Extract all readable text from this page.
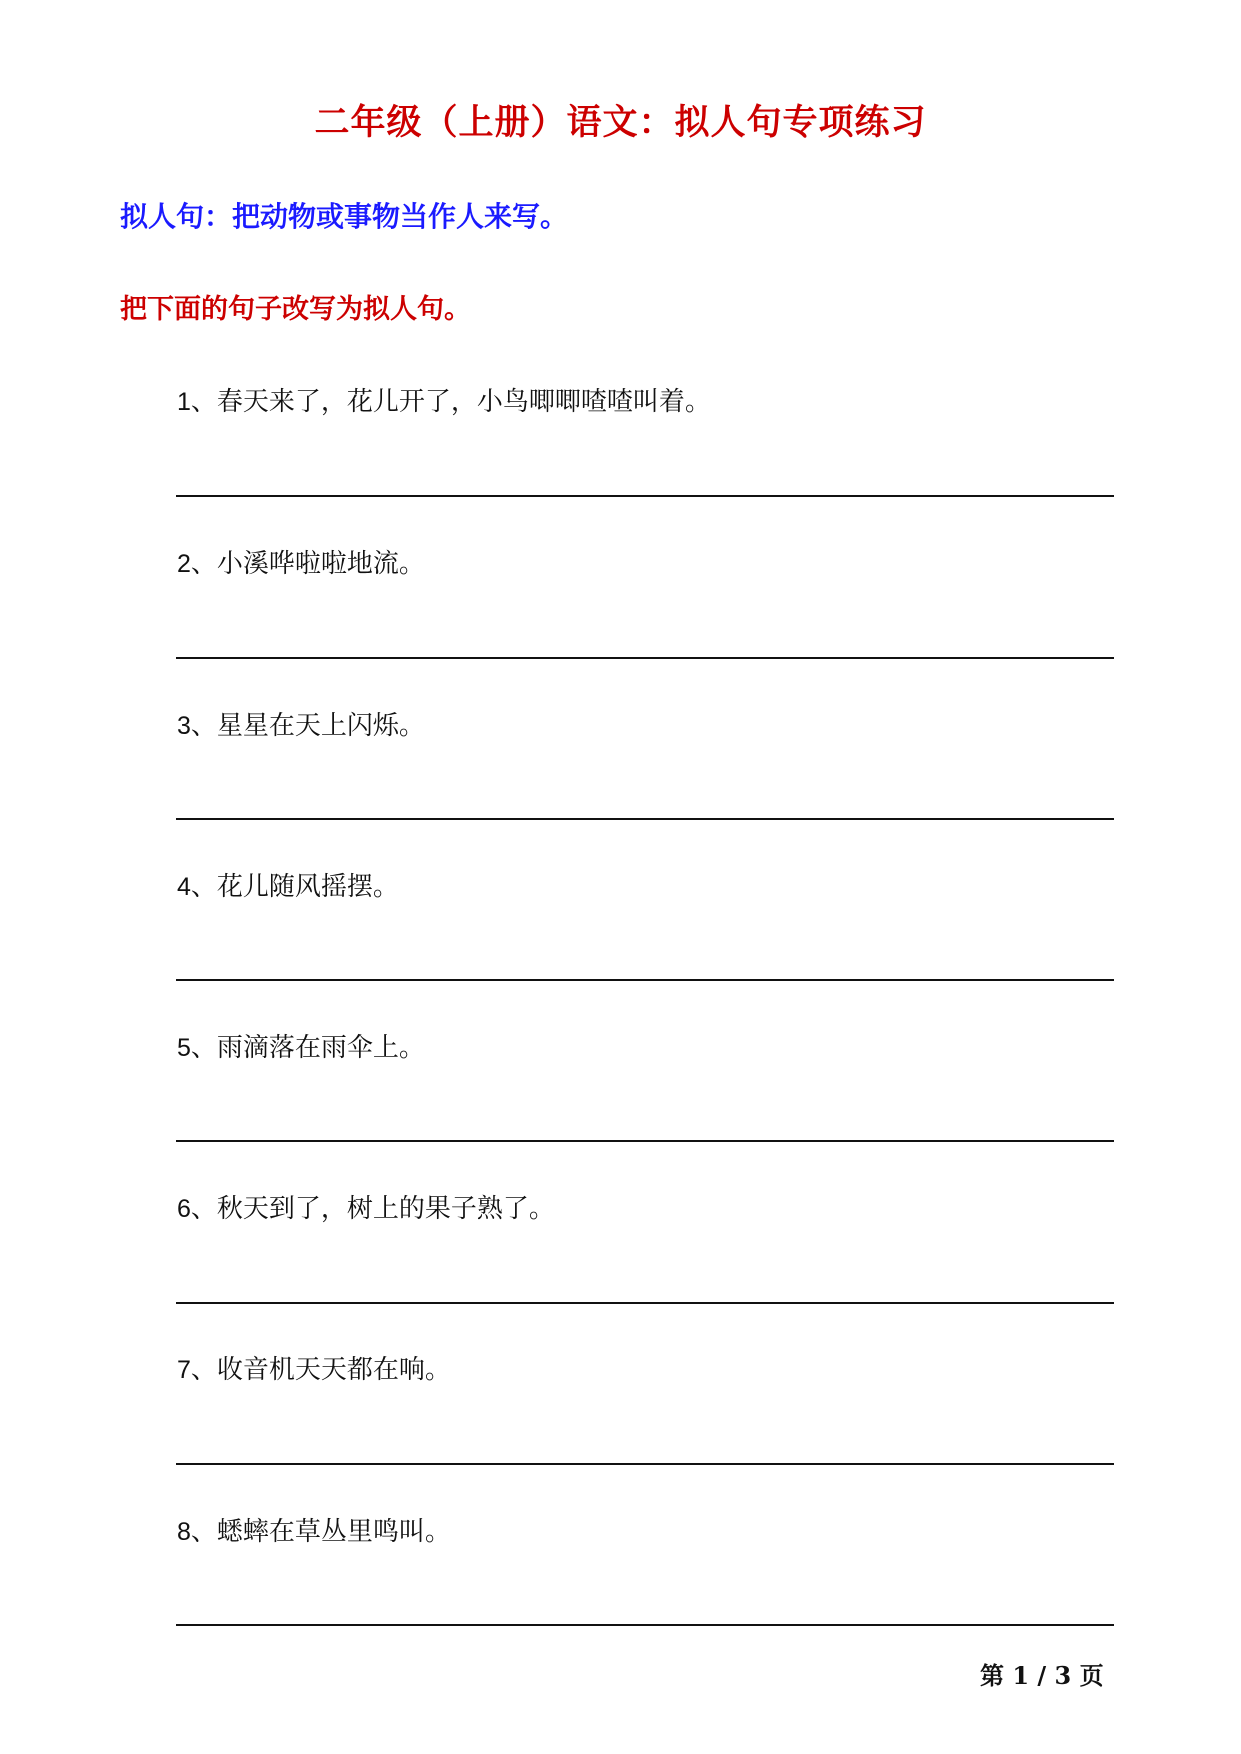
二年级（上册）语文：拟人句专项练习
拟人句：把动物或事物当作人来写。
把下面的句子改写为拟人句。
1、春天来了，花儿开了，小鸟唧唧喳喳叫着。
2、小溪哗啦啦地流。
3、星星在天上闪烁。
4、花儿随风摇摆。
5、雨滴落在雨伞上。
6、秋天到了，树上的果子熟了。
7、收音机天天都在响。
8、蟋蟀在草丛里鸣叫。
第 1 / 3 页
